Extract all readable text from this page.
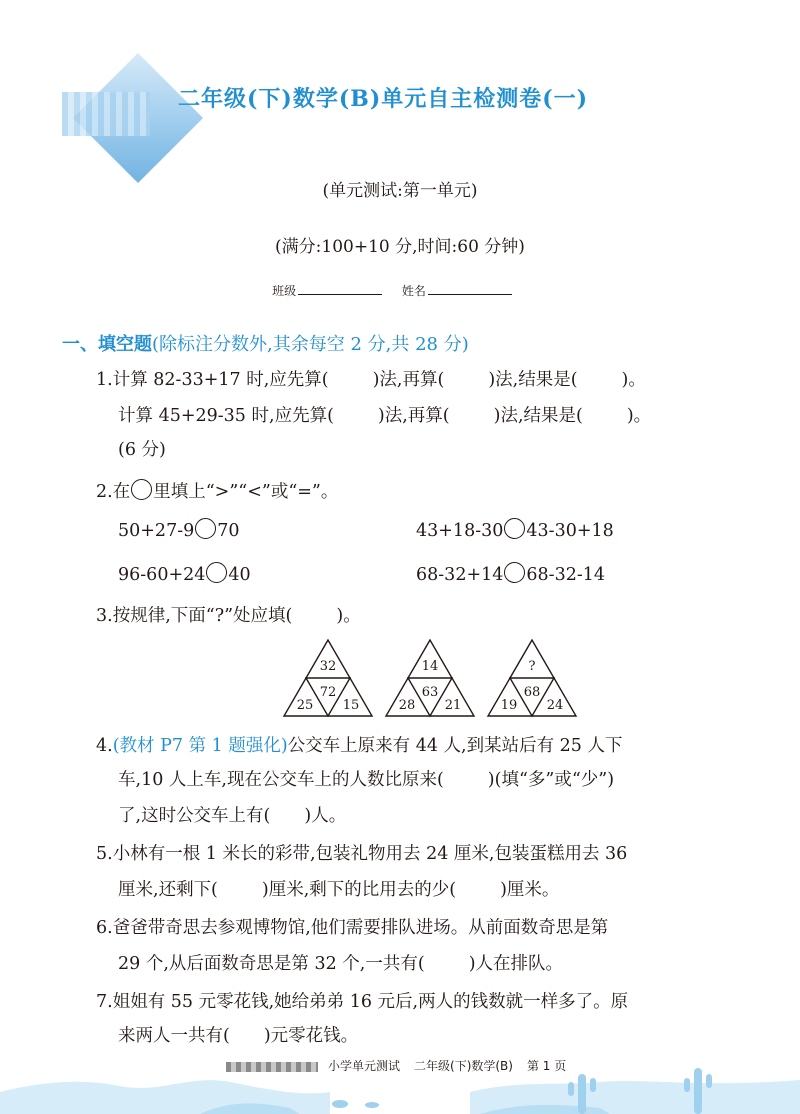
二年级(下)数学(B)单元自主检测卷(一)
(单元测试:第一单元)
(满分:100+10 分,时间:60 分钟)
班级	姓名
一、填空题(除标注分数外,其余每空 2 分,共 28 分)
1.计算 82-33+17 时,应先算(	)法,再算(	)法,结果是(	)。
计算 45+29-35 时,应先算(	)法,再算(	)法,结果是(	)。
(6 分)
2.在 里填上“>”“<”或“=”。
50+27-9 70	43+18-30 43-30+18
96-60+24 40	68-32+14 68-32-14
3.按规律,下面“?”处应填(	)。
32
72
25 15
14
63
28 21
?
68
19 24
4.(教材 P7 第 1 题强化)公交车上原来有 44 人,到某站后有 25 人下
车,10 人上车,现在公交车上的人数比原来(	)(填“多”或“少”)
了,这时公交车上有( )人。
5.小林有一根 1 米长的彩带,包装礼物用去 24 厘米,包装蛋糕用去 36
厘米,还剩下(	)厘米,剩下的比用去的少(	)厘米。
6.爸爸带奇思去参观博物馆,他们需要排队进场。从前面数奇思是第
29 个,从后面数奇思是第 32 个,一共有(	)人在排队。
7.姐姐有 55 元零花钱,她给弟弟 16 元后,两人的钱数就一样多了。原
来两人一共有( )元零花钱。
小学单元测试 二年级(下)数学(B) 第 1 页
